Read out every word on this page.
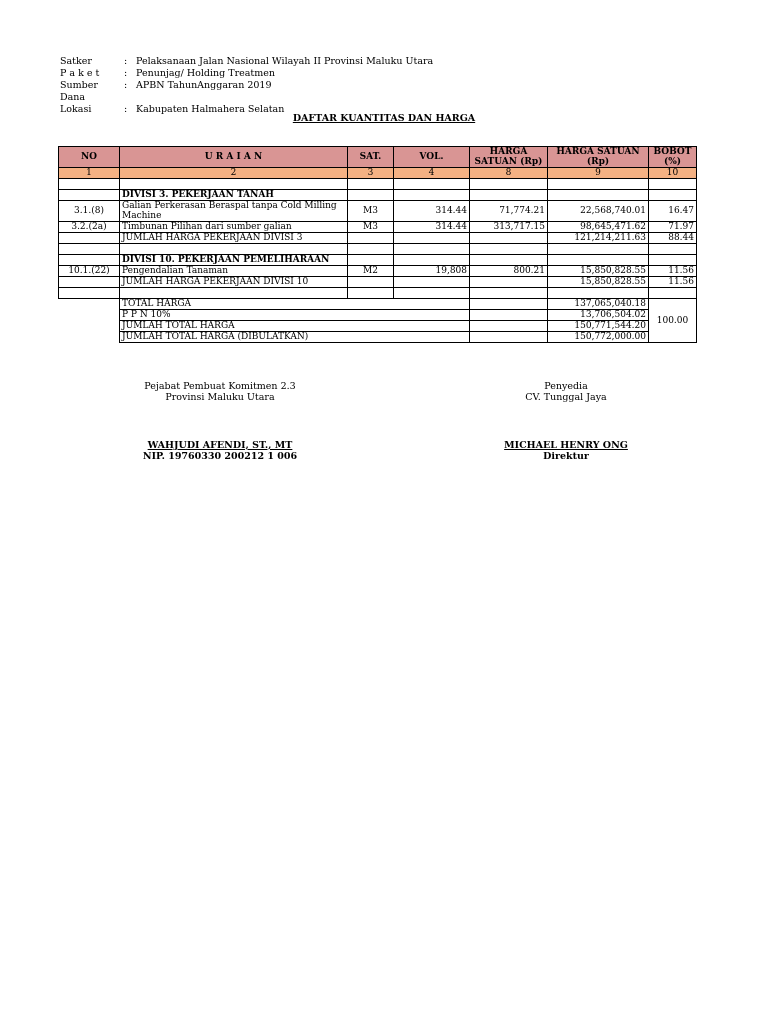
Satker	: Pelaksanaan Jalan Nasional Wilayah II Provinsi Maluku Utara
P a k e t	: Penunjag/ Holding Treatmen
Sumber Dana
: APBN TahunAnggaran 2019
Lokasi	: Kabupaten Halmahera Selatan
DAFTAR KUANTITAS DAN HARGA
NO	U R A I A N	SAT.	VOL.	HARGA SATUAN (Rp)	HARGA SATUAN (Rp)	BOBOT (%)
1	2	3	4	8	9	10

	DIVISI 3. PEKERJAAN TANAH					
3.1.(8)	Galian Perkerasan Beraspal tanpa Cold Milling Machine	M3	314.44	71,774.21	22,568,740.01	16.47
3.2.(2a)	Timbunan Pilihan dari sumber galian	M3	314.44	313,717.15	98,645,471.62	71.97
	JUMLAH HARGA PEKERJAAN DIVISI 3				121,214,211.63	88.44

	DIVISI 10. PEKERJAAN PEMELIHARAAN					
10.1.(22)	Pengendalian Tanaman	M2	19,808	800.21	15,850,828.55	11.56
	JUMLAH HARGA PEKERJAAN DIVISI 10				15,850,828.55	11.56

	TOTAL HARGA				137,065,040.18	100.00
	P P N 10%				13,706,504.02	
	JUMLAH TOTAL HARGA				150,771,544.20	
	JUMLAH TOTAL HARGA (DIBULATKAN)				150,772,000.00	
Pejabat Pembuat Komitmen 2.3
Provinsi Maluku Utara
WAHJUDI AFENDI, ST., MT
NIP. 19760330 200212 1 006
Penyedia
CV. Tunggal Jaya
MICHAEL HENRY ONG
Direktur
